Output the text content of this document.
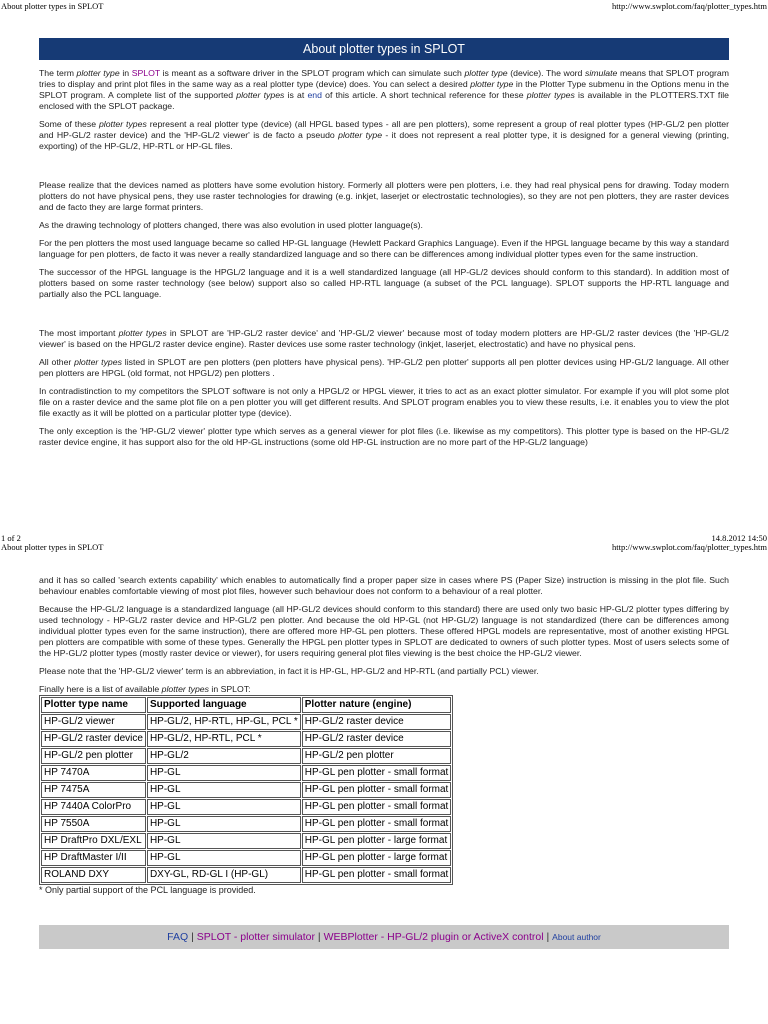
About plotter types in SPLOT	http://www.swplot.com/faq/plotter_types.htm
About plotter types in SPLOT

The term plotter type in SPLOT is meant as a software driver in the SPLOT program which can simulate such plotter type (device). The word simulate means that SPLOT program tries to display and print plot files in the same way as a real plotter type (device) does. You can select a desired plotter type in the Plotter Type submenu in the Options menu in the SPLOT program. A complete list of the supported plotter types is at end of this article. A short technical reference for these plotter types is available in the PLOTTERS.TXT file enclosed with the SPLOT package.

Some of these plotter types represent a real plotter type (device) (all HPGL based types - all are pen plotters), some represent a group of real plotter types (HP-GL/2 pen plotter and HP-GL/2 raster device) and the 'HP-GL/2 viewer' is de facto a pseudo plotter type - it does not represent a real plotter type, it is designed for a general viewing (printing, exporting) of the HP-GL/2, HP-RTL or HP-GL files.

Please realize that the devices named as plotters have some evolution history. Formerly all plotters were pen plotters, i.e. they had real physical pens for drawing. Today modern plotters do not have physical pens, they use raster technologies for drawing (e.g. inkjet, laserjet or electrostatic technologies), so they are not pen plotters, they are raster devices and de facto they are large format printers.

As the drawing technology of plotters changed, there was also evolution in used plotter language(s).

For the pen plotters the most used language became so called HP-GL language (Hewlett Packard Graphics Language). Even if the HPGL language became by this way a standard language for pen plotters, de facto it was never a really standardized language and so there can be differences among individual plotter types even for the same instruction.

The successor of the HPGL language is the HPGL/2 language and it is a well standardized language (all HP-GL/2 devices should conform to this standard). In addition most of plotters based on some raster technology (see below) support also so called HP-RTL language (a subset of the PCL language). SPLOT supports the HP-RTL language and partially also the PCL language.

The most important plotter types in SPLOT are 'HP-GL/2 raster device' and 'HP-GL/2 viewer' because most of today modern plotters are HP-GL/2 raster devices (the 'HP-GL/2 viewer' is based on the HPGL/2 raster device engine). Raster devices use some raster technology (inkjet, laserjet, electrostatic) and have no physical pens.

All other plotter types listed in SPLOT are pen plotters (pen plotters have physical pens). 'HP-GL/2 pen plotter' supports all pen plotter devices using HP-GL/2 language. All other pen plotters are HPGL (old format, not HPGL/2) pen plotters .

In contradistinction to my competitors the SPLOT software is not only a HPGL/2 or HPGL viewer, it tries to act as an exact plotter simulator. For example if you will plot some plot file on a raster device and the same plot file on a pen plotter you will get different results. And SPLOT program enables you to view these results, i.e. it enables you to view the plot file exactly as it will be plotted on a particular plotter type (device).

The only exception is the 'HP-GL/2 viewer' plotter type which serves as a general viewer for plot files (i.e. likewise as my competitors). This plotter type is based on the HP-GL/2 raster device engine, it has support also for the old HP-GL instructions (some old HP-GL instruction are no more part of the HP-GL/2 language)

1 of 2	14.8.2012 14:50
About plotter types in SPLOT	http://www.swplot.com/faq/plotter_types.htm

and it has so called 'search extents capability' which enables to automatically find a proper paper size in cases where PS (Paper Size) instruction is missing in the plot file. Such behaviour enables comfortable viewing of most plot files, however such behaviour does not conform to a behaviour of a real plotter.

Because the HP-GL/2 language is a standardized language (all HP-GL/2 devices should conform to this standard) there are used only two basic HP-GL/2 plotter types differing by used technology - HP-GL/2 raster device and HP-GL/2 pen plotter. And because the old HP-GL (not HP-GL/2) language is not standardized (there can be differences among individual plotter types even for the same instruction), there are offered more HP-GL pen plotters. These offered HPGL models are representative, most of another existing HPGL pen plotters are compatible with some of these types. Generally the HPGL pen plotter types in SPLOT are dedicated to owners of such plotter types. Most of users selects some of the HP-GL/2 plotter types (mostly raster device or viewer), for users requiring general plot files viewing is the best choice the HP-GL/2 viewer.

Please note that the 'HP-GL/2 viewer' term is an abbreviation, in fact it is HP-GL, HP-GL/2 and HP-RTL (and partially PCL) viewer.

Finally here is a list of available plotter types in SPLOT:

Plotter type name	Supported language	Plotter nature (engine)
HP-GL/2 viewer	HP-GL/2, HP-RTL, HP-GL, PCL *	HP-GL/2 raster device
HP-GL/2 raster device	HP-GL/2, HP-RTL, PCL *	HP-GL/2 raster device
HP-GL/2 pen plotter	HP-GL/2	HP-GL/2 pen plotter
HP 7470A	HP-GL	HP-GL pen plotter - small format
HP 7475A	HP-GL	HP-GL pen plotter - small format
HP 7440A ColorPro	HP-GL	HP-GL pen plotter - small format
HP 7550A	HP-GL	HP-GL pen plotter - small format
HP DraftPro DXL/EXL	HP-GL	HP-GL pen plotter - large format
HP DraftMaster I/II	HP-GL	HP-GL pen plotter - large format
ROLAND DXY	DXY-GL, RD-GL I (HP-GL)	HP-GL pen plotter - small format
* Only partial support of the PCL language is provided.
FAQ | SPLOT - plotter simulator | WEBPlotter - HP-GL/2 plugin or ActiveX control | About author
